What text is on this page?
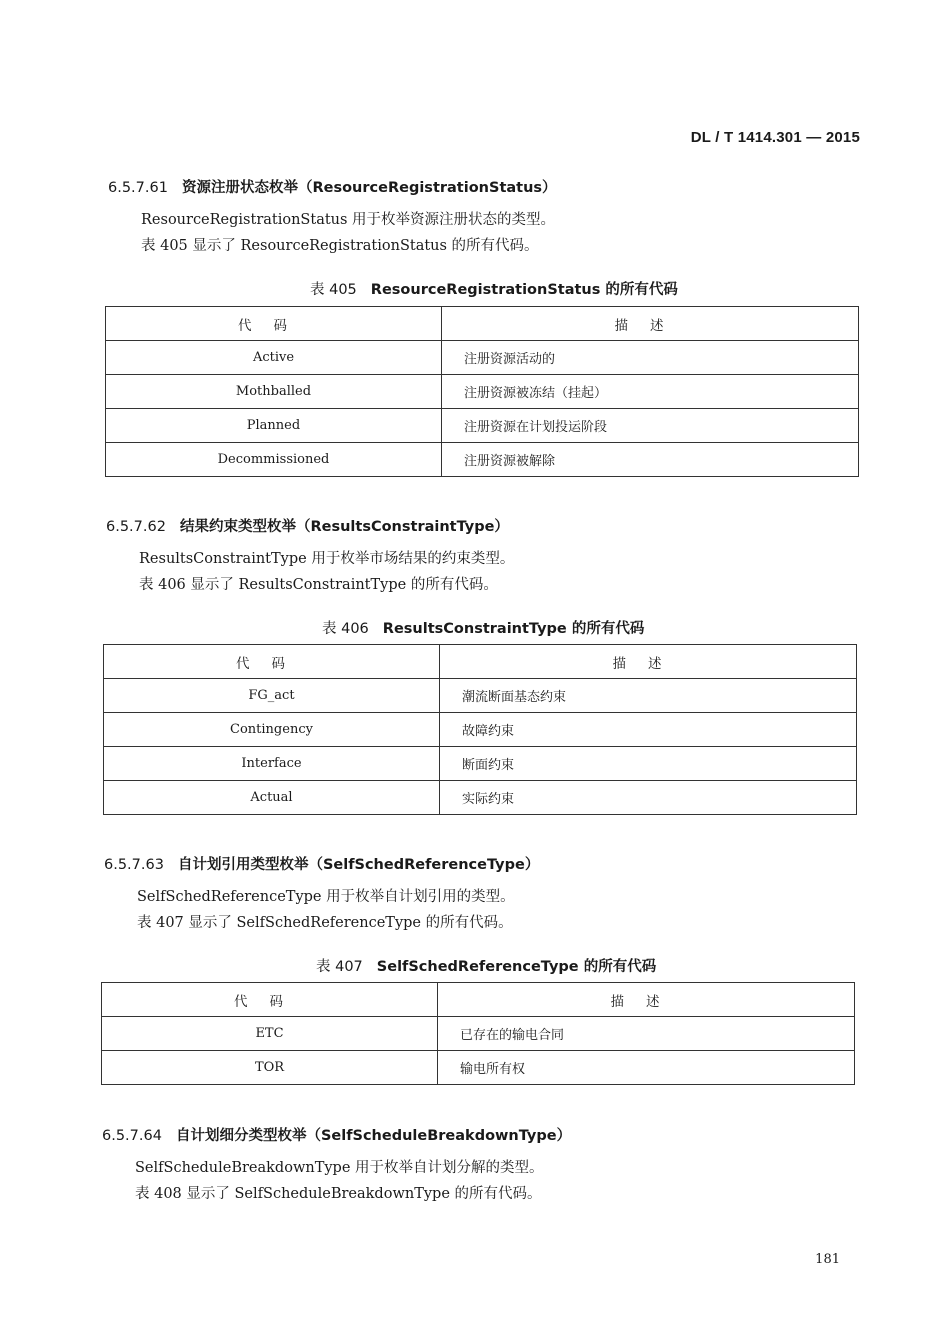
DL / T 1414.301 — 2015
6.5.7.61 资源注册状态枚举（ResourceRegistrationStatus）
ResourceRegistrationStatus 用于枚举资源注册状态的类型。
表 405 显示了 ResourceRegistrationStatus 的所有代码。
表 405 ResourceRegistrationStatus 的所有代码
代码	描述
Active	注册资源活动的
Mothballed	注册资源被冻结（挂起）
Planned	注册资源在计划投运阶段
Decommissioned	注册资源被解除
6.5.7.62 结果约束类型枚举（ResultsConstraintType）
ResultsConstraintType 用于枚举市场结果的约束类型。
表 406 显示了 ResultsConstraintType 的所有代码。
表 406 ResultsConstraintType 的所有代码
代码	描述
FG_act	潮流断面基态约束
Contingency	故障约束
Interface	断面约束
Actual	实际约束
6.5.7.63 自计划引用类型枚举（SelfSchedReferenceType）
SelfSchedReferenceType 用于枚举自计划引用的类型。
表 407 显示了 SelfSchedReferenceType 的所有代码。
表 407 SelfSchedReferenceType 的所有代码
代码	描述
ETC	已存在的输电合同
TOR	输电所有权
6.5.7.64 自计划细分类型枚举（SelfScheduleBreakdownType）
SelfScheduleBreakdownType 用于枚举自计划分解的类型。
表 408 显示了 SelfScheduleBreakdownType 的所有代码。
181
